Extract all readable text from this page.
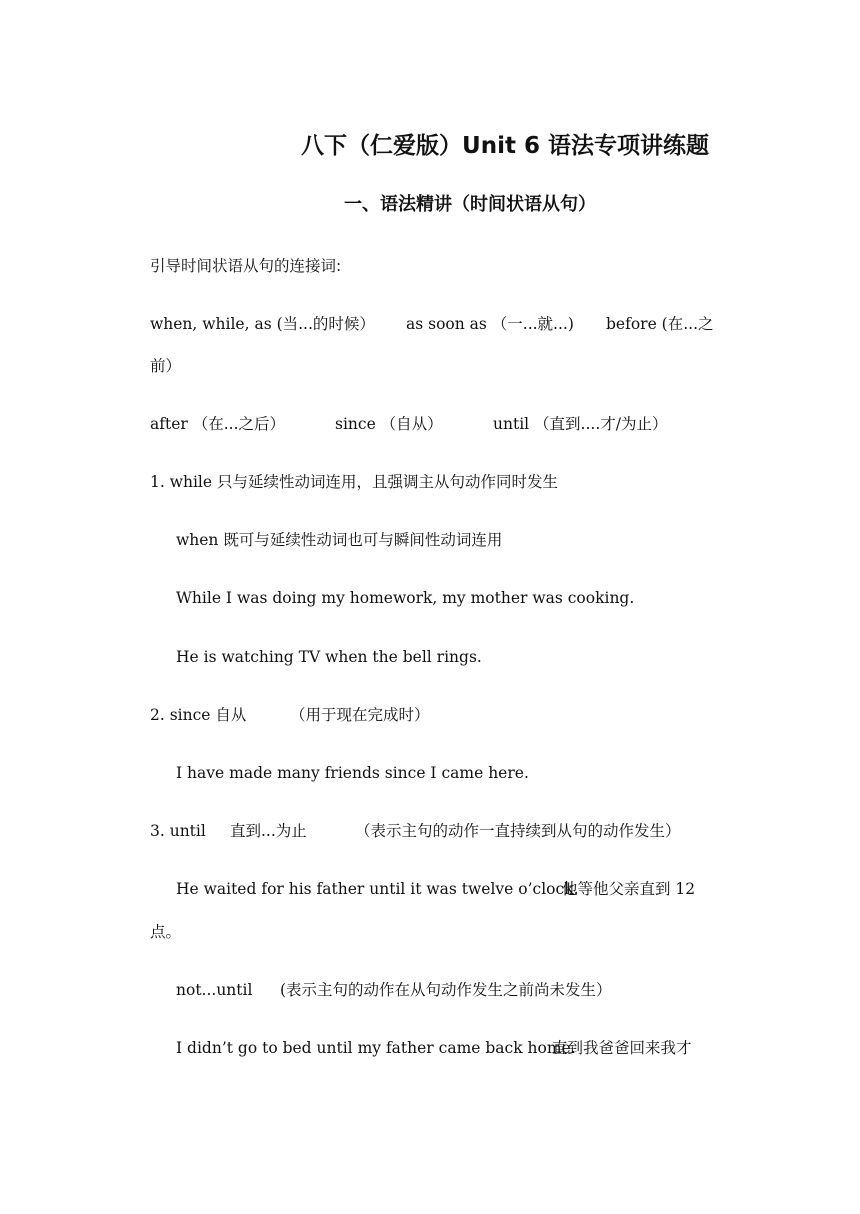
八下（仁爱版）Unit 6 语法专项讲练题
一、语法精讲（时间状语从句）
引导时间状语从句的连接词:
when, while, as (当...的时候） as soon as （一...就...) before (在...之
前）
after （在...之后）	since （自从）	until （直到....才/为止）
1. while 只与延续性动词连用，且强调主从句动作同时发生
when 既可与延续性动词也可与瞬间性动词连用
While I was doing my homework, my mother was cooking.
He is watching TV when the bell rings.
2. since 自从	（用于现在完成时）
I have made many friends since I came here.
3. until 直到...为止	（表示主句的动作一直持续到从句的动作发生）
He waited for his father until it was twelve o’clock.
他等他父亲直到 12
点。
not...until (表示主句的动作在从句动作发生之前尚未发生）
I didn’t go to bed until my father came back home.
直到我爸爸回来我才
